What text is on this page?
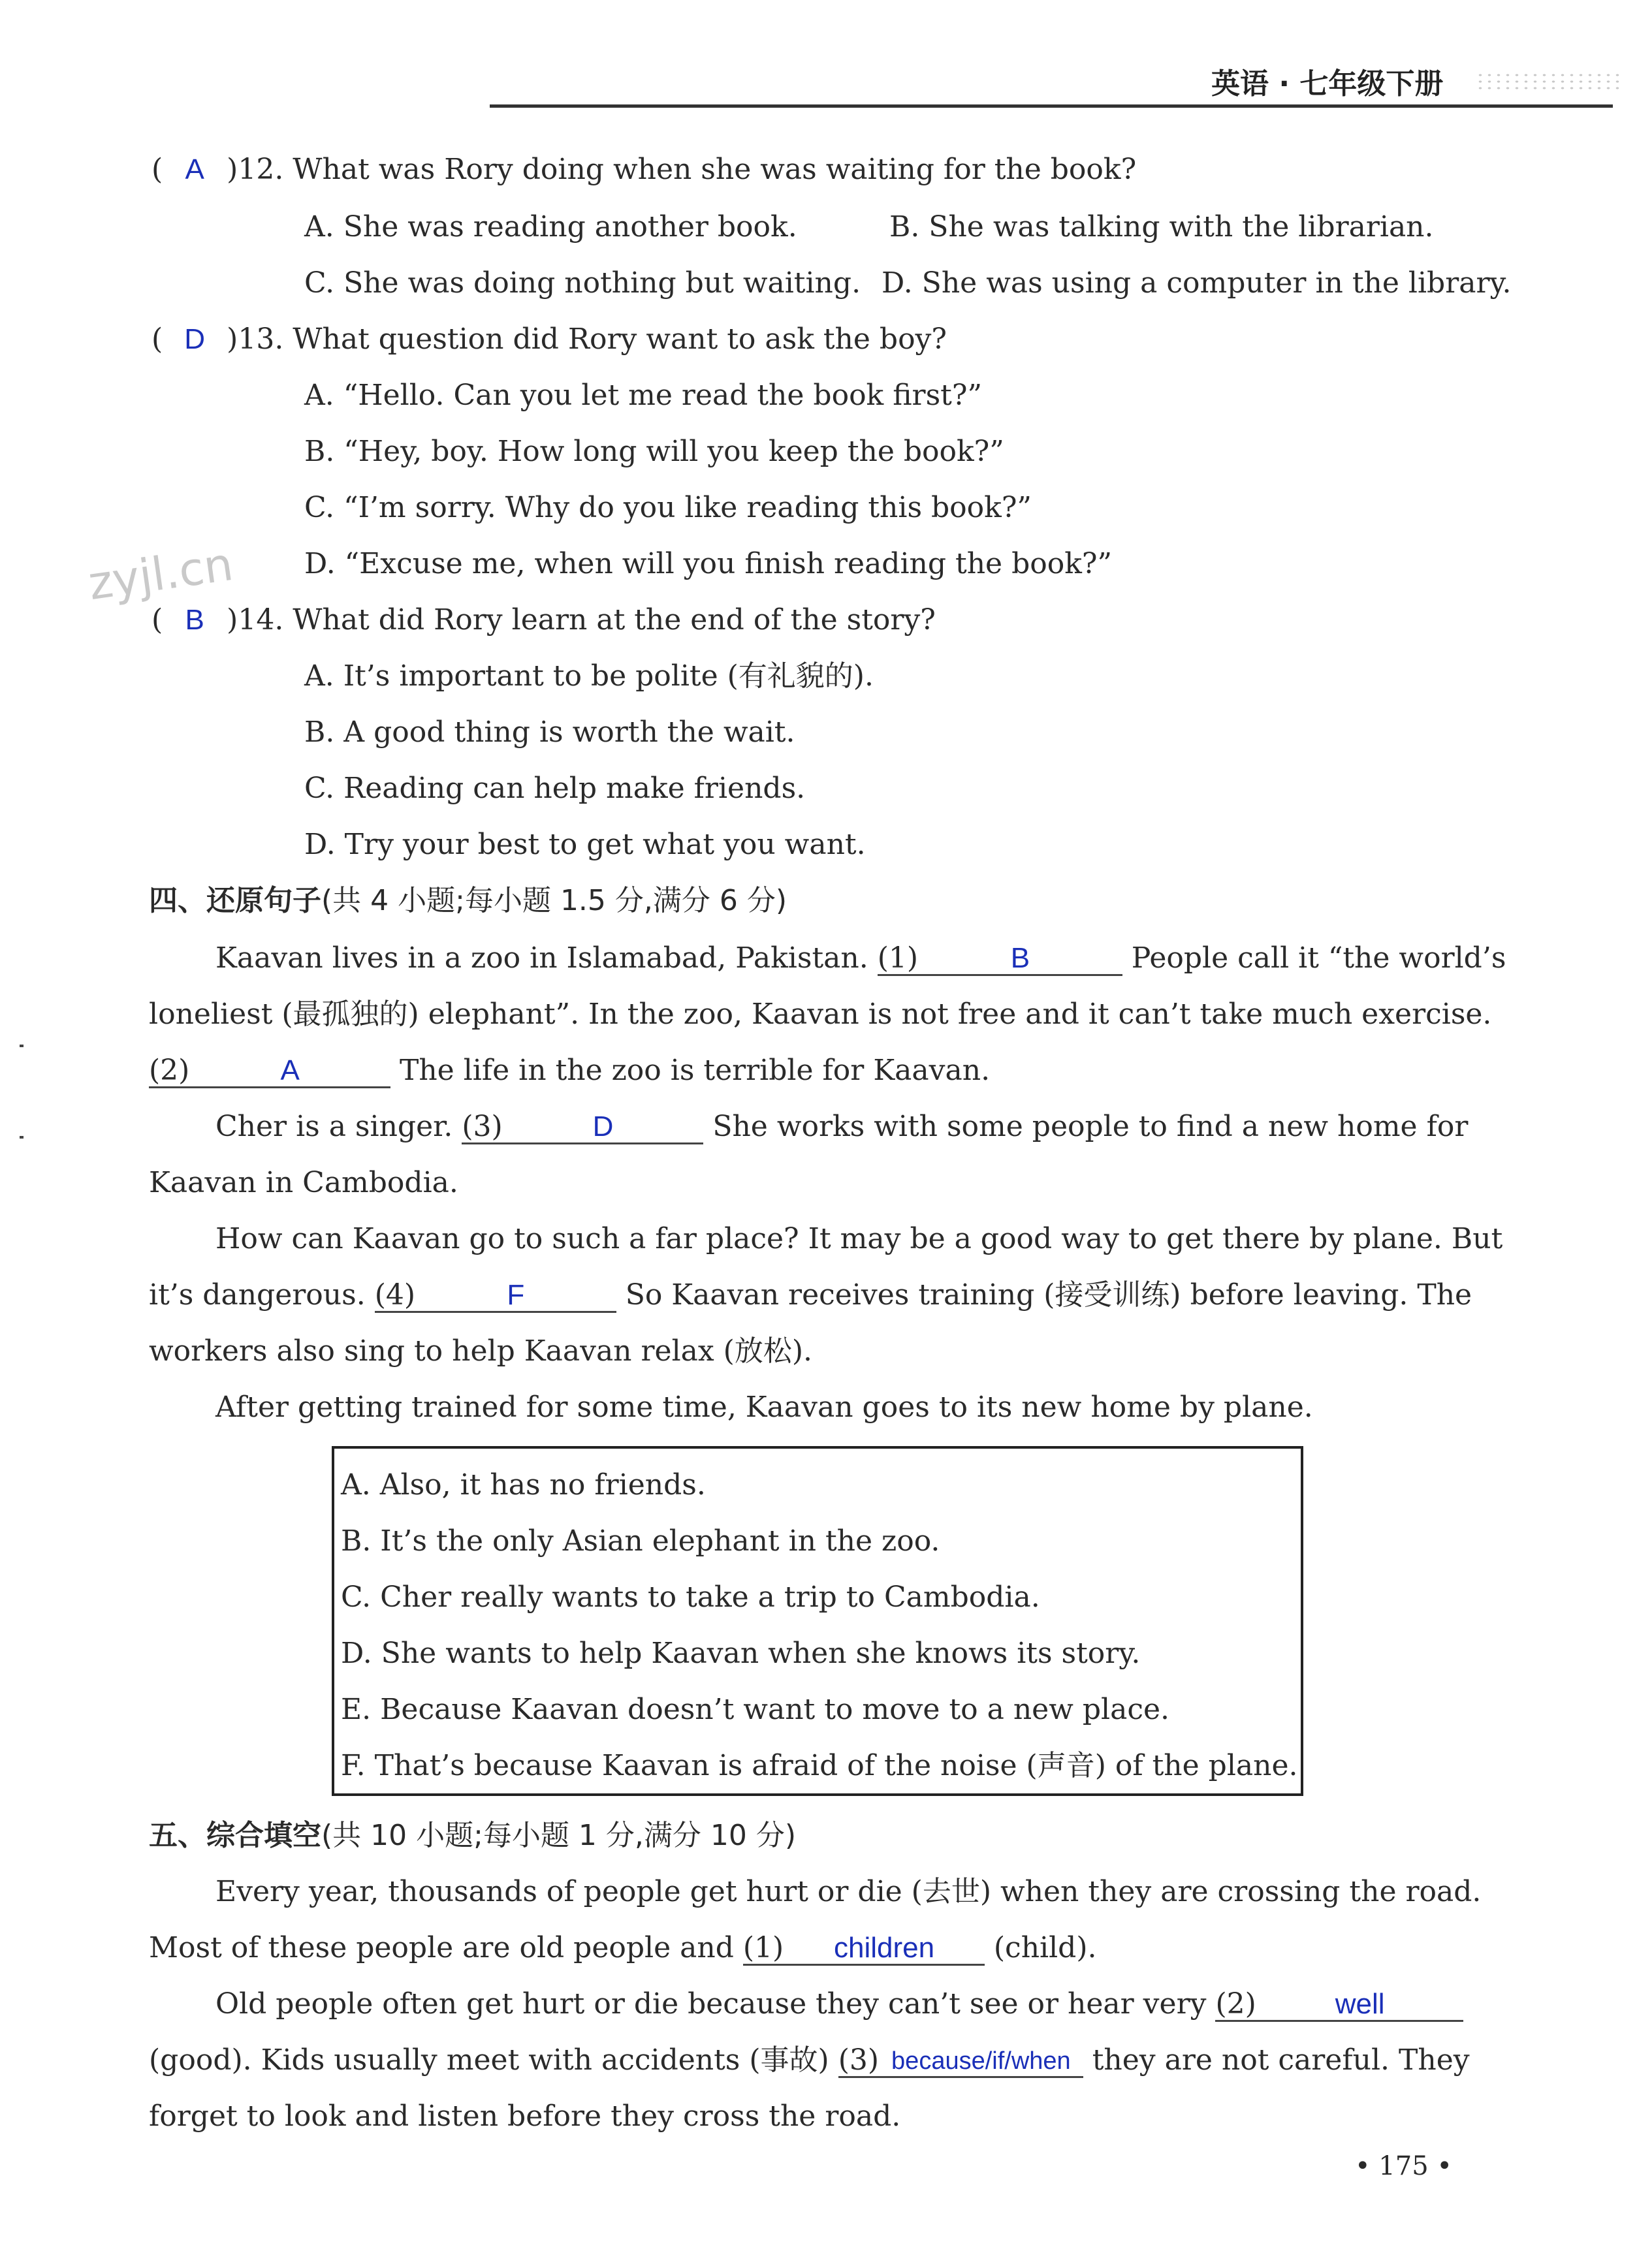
英语 · 七年级下册
zyjl.cn
( A )12. What was Rory doing when she was waiting for the book?
A. She was reading another book.	B. She was talking with the librarian.
C. She was doing nothing but waiting. D. She was using a computer in the library.
( D )13. What question did Rory want to ask the boy?
A. “Hello. Can you let me read the book first?”
B. “Hey, boy. How long will you keep the book?”
C. “I’m sorry. Why do you like reading this book?”
D. “Excuse me, when will you finish reading the book?”
( B )14. What did Rory learn at the end of the story?
A. It’s important to be polite (有礼貌的).
B. A good thing is worth the wait.
C. Reading can help make friends.
D. Try your best to get what you want.
四、还原句子(共 4 小题;每小题 1.5 分,满分 6 分)
Kaavan lives in a zoo in Islamabad, Pakistan. (1)	B	People call it “the world’s
loneliest (最孤独的) elephant”. In the zoo, Kaavan is not free and it can’t take much exercise.
(2)	A	The life in the zoo is terrible for Kaavan.
Cher is a singer. (3)	D	She works with some people to find a new home for
Kaavan in Cambodia.
How can Kaavan go to such a far place? It may be a good way to get there by plane. But
it’s dangerous. (4)	F	So Kaavan receives training (接受训练) before leaving. The
workers also sing to help Kaavan relax (放松).
After getting trained for some time, Kaavan goes to its new home by plane.
A. Also, it has no friends.
B. It’s the only Asian elephant in the zoo.
C. Cher really wants to take a trip to Cambodia.
D. She wants to help Kaavan when she knows its story.
E. Because Kaavan doesn’t want to move to a new place.
F. That’s because Kaavan is afraid of the noise (声音) of the plane.
五、综合填空(共 10 小题;每小题 1 分,满分 10 分)
Every year, thousands of people get hurt or die (去世) when they are crossing the road.
Most of these people are old people and (1) children (child).
Old people often get hurt or die because they can’t see or hear very (2)	well
(good). Kids usually meet with accidents (事故) (3) because/if/when they are not careful. They
forget to look and listen before they cross the road.
• 175 •
